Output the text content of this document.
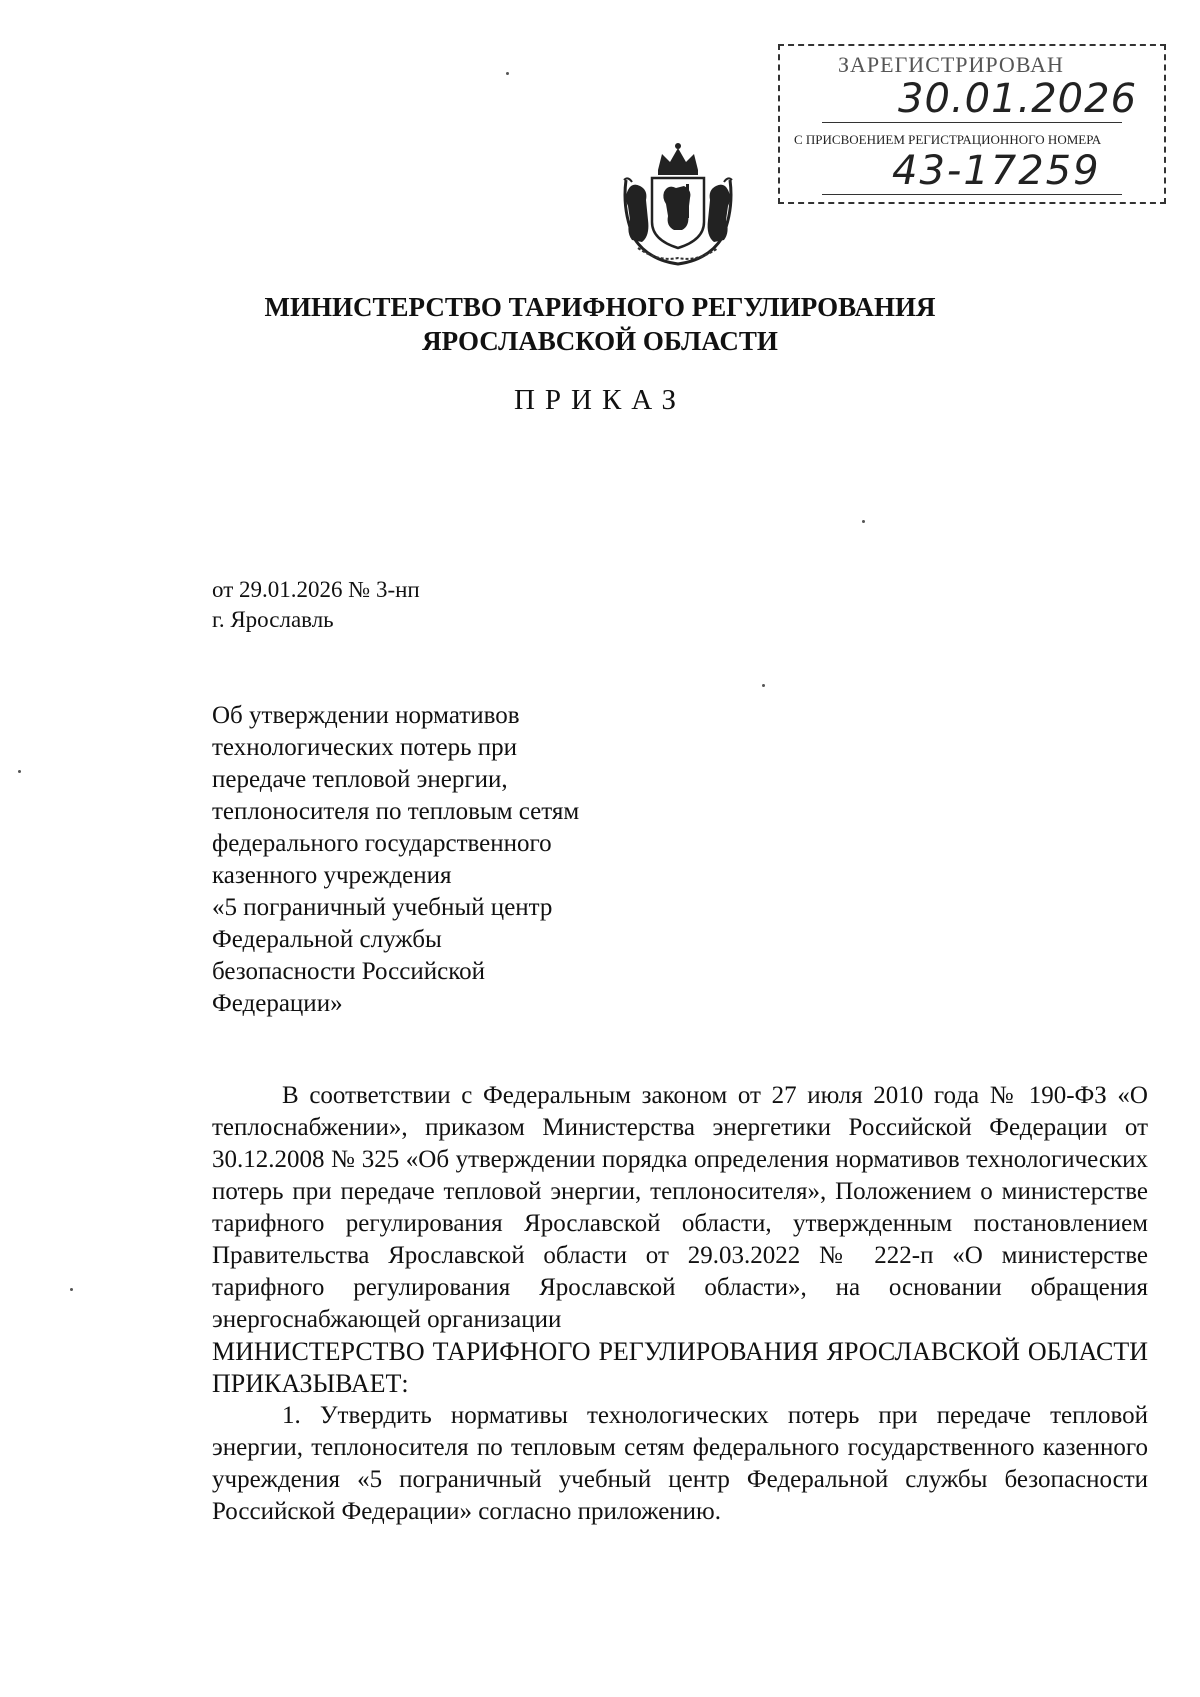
ЗАРЕГИСТРИРОВАН
30.01.2026
С ПРИСВОЕНИЕМ РЕГИСТРАЦИОННОГО НОМЕРА
43-17259
МИНИСТЕРСТВО ТАРИФНОГО РЕГУЛИРОВАНИЯ
ЯРОСЛАВСКОЙ ОБЛАСТИ
ПРИКАЗ
от 29.01.2026 № 3-нп
г. Ярославль
Об утверждении нормативов
технологических потерь при
передаче тепловой энергии,
теплоносителя по тепловым сетям
федерального государственного
казенного учреждения
«5 пограничный учебный центр
Федеральной службы
безопасности Российской
Федерации»

В соответствии с Федеральным законом от 27 июля 2010 года № 190-ФЗ «О теплоснабжении», приказом Министерства энергетики Российской Федерации от 30.12.2008 № 325 «Об утверждении порядка определения нормативов технологических потерь при передаче тепловой энергии, теплоносителя», Положением о министерстве тарифного регулирования Ярославской области, утвержденным постановлением Правительства Ярославской области от 29.03.2022 № 222-п «О министерстве тарифного регулирования Ярославской области», на основании обращения энергоснабжающей организации

МИНИСТЕРСТВО ТАРИФНОГО РЕГУЛИРОВАНИЯ ЯРОСЛАВСКОЙ ОБЛАСТИ ПРИКАЗЫВАЕТ:

1. Утвердить нормативы технологических потерь при передаче тепловой энергии, теплоносителя по тепловым сетям федерального государственного казенного учреждения «5 пограничный учебный центр Федеральной службы безопасности Российской Федерации» согласно приложению.
